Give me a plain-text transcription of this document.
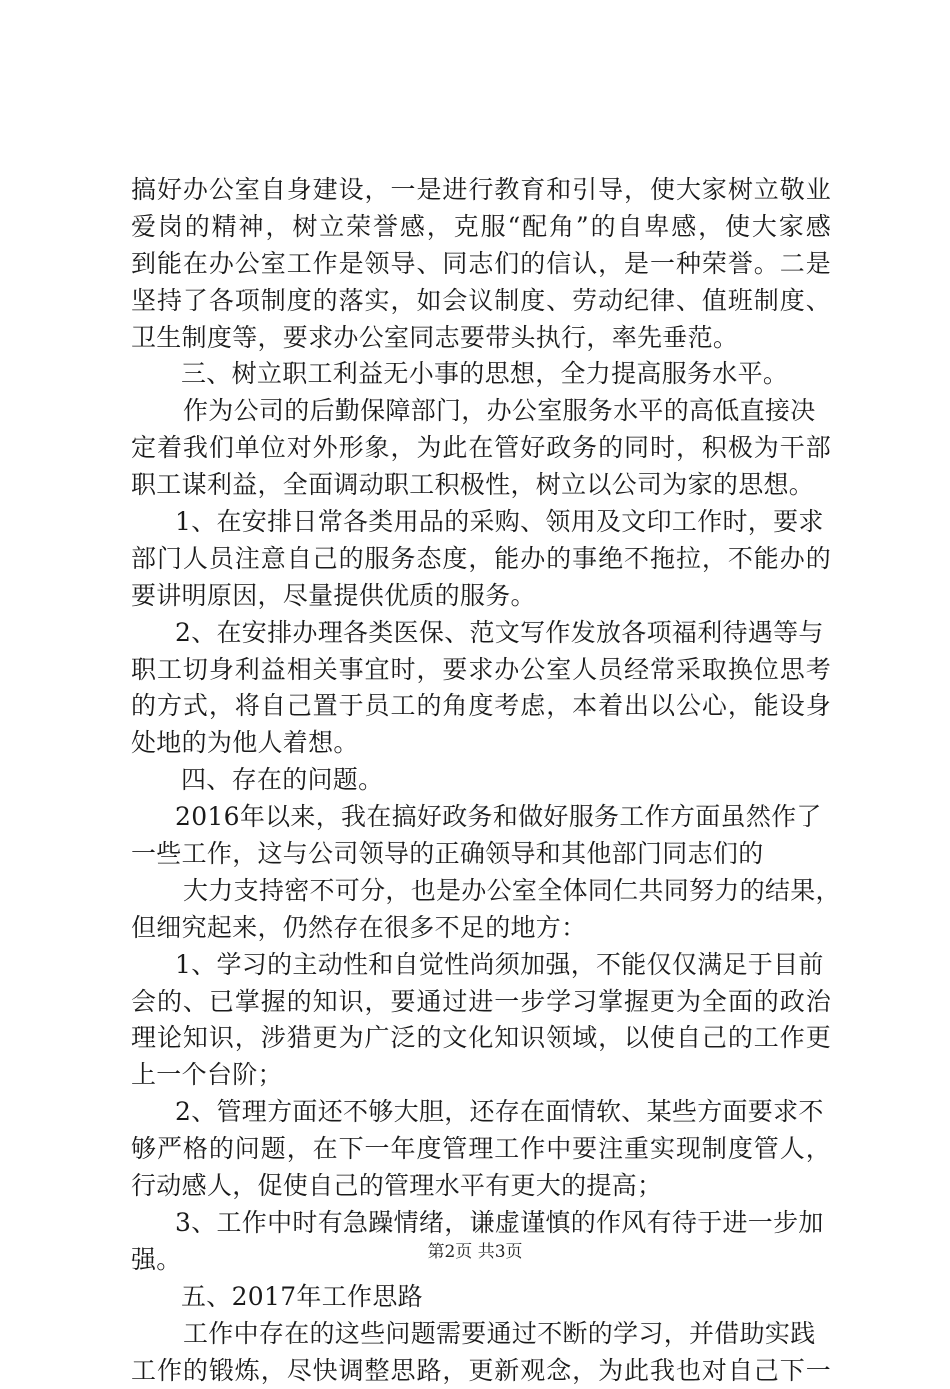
搞好办公室自身建设，一是进行教育和引导，使大家树立敬业
爱岗的精神，树立荣誉感，克服“配角”的自卑感，使大家感
到能在办公室工作是领导、同志们的信认，是一种荣誉。二是
坚持了各项制度的落实，如会议制度、劳动纪律、值班制度、
卫生制度等，要求办公室同志要带头执行，率先垂范。
三、树立职工利益无小事的思想，全力提高服务水平。
作为公司的后勤保障部门，办公室服务水平的高低直接决
定着我们单位对外形象，为此在管好政务的同时，积极为干部
职工谋利益，全面调动职工积极性，树立以公司为家的思想。
1、在安排日常各类用品的采购、领用及文印工作时，要求
部门人员注意自己的服务态度，能办的事绝不拖拉，不能办的
要讲明原因，尽量提供优质的服务。
2、在安排办理各类医保、范文写作发放各项福利待遇等与
职工切身利益相关事宜时，要求办公室人员经常采取换位思考
的方式，将自己置于员工的角度考虑，本着出以公心，能设身
处地的为他人着想。
四、存在的问题。
2016年以来，我在搞好政务和做好服务工作方面虽然作了
一些工作，这与公司领导的正确领导和其他部门同志们的
大力支持密不可分，也是办公室全体同仁共同努力的结果，
但细究起来，仍然存在很多不足的地方：
1、学习的主动性和自觉性尚须加强，不能仅仅满足于目前
会的、已掌握的知识，要通过进一步学习掌握更为全面的政治
理论知识，涉猎更为广泛的文化知识领域，以使自己的工作更
上一个台阶；
2、管理方面还不够大胆，还存在面情软、某些方面要求不
够严格的问题，在下一年度管理工作中要注重实现制度管人，
行动感人，促使自己的管理水平有更大的提高；
3、工作中时有急躁情绪，谦虚谨慎的作风有待于进一步加
强。
五、2017年工作思路
工作中存在的这些问题需要通过不断的学习，并借助实践
工作的锻炼，尽快调整思路，更新观念，为此我也对自己下一
第2页 共3页
